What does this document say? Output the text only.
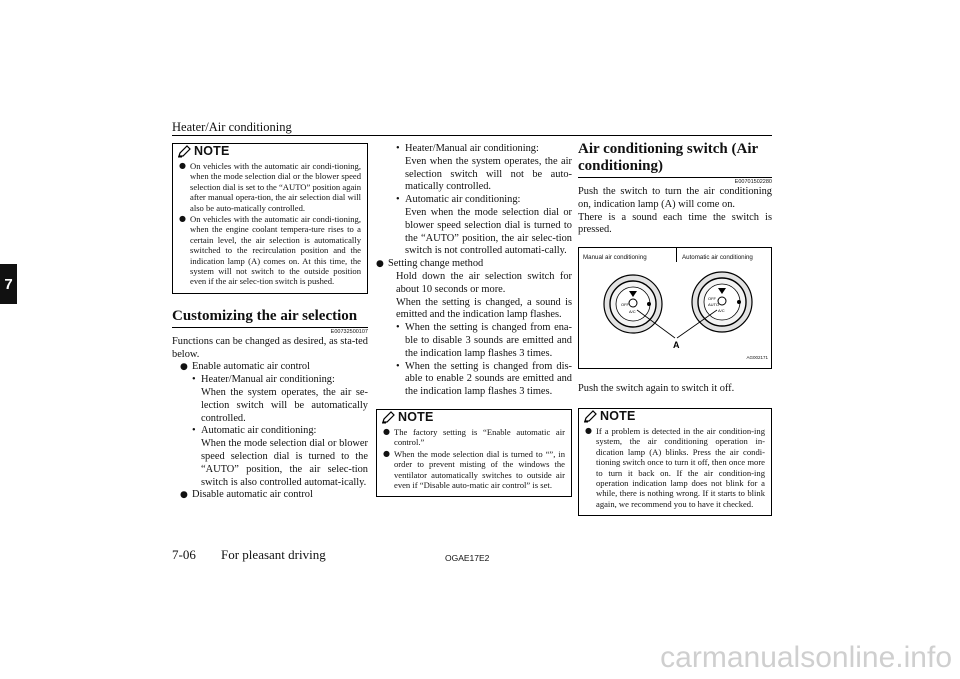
Heater/Air conditioning
7
NOTE
● On vehicles with the automatic air condi-tioning, when the mode selection dial or the blower speed selection dial is set to the “AUTO” position again after manual opera-tion, the air selection dial will also be auto-matically controlled.
● On vehicles with the automatic air condi-tioning, when the engine coolant tempera-ture rises to a certain level, the air selection is automatically switched to the recirculation position and the indication lamp (A) comes on. At this time, the system will not switch to the outside position even if the air selec-tion switch is pushed.
Customizing the air selection
E00732500107

Functions can be changed as desired, as sta-ted below.

● Enable automatic air control
• Heater/Manual air conditioning:

When the system operates, the air se-lection switch will be automatically controlled.

• Automatic air conditioning:

When the mode selection dial or blower speed selection dial is turned to the “AUTO” position, the air selec-tion switch is also controlled automat-ically.

● Disable automatic air control
• Heater/Manual air conditioning:

Even when the system operates, the air selection switch will not be auto-matically controlled.

• Automatic air conditioning:

Even when the mode selection dial or blower speed selection dial is turned to the “AUTO” position, the air selec-tion switch is not controlled automati-cally.

● Setting change method

Hold down the air selection switch for about 10 seconds or more.

When the setting is changed, a sound is emitted and the indication lamp flashes.

• When the setting is changed from ena-ble to disable 3 sounds are emitted and the indication lamp flashes 3 times.
• When the setting is changed from dis-able to enable 2 sounds are emitted and the indication lamp flashes 3 times.
NOTE
● The factory setting is “Enable automatic air control.”
● When the mode selection dial is turned to “”, in order to prevent misting of the windows the ventilator automatically switches to outside air even if “Disable auto-matic air control” is set.
Air conditioning switch (Air conditioning)
E00701502280

Push the switch to turn the air conditioning on, indication lamp (A) will come on.

There is a sound each time the switch is pressed.

Manual air conditioning	Automatic air conditioning
OFF
A/C
OFF
AUTO
A/C
A
AG002171

Push the switch again to switch it off.

NOTE
● If a problem is detected in the air condition-ing system, the air conditioning operation in-dication lamp (A) blinks. Press the air condi-tioning switch once to turn it off, then once more to turn it back on. If the air condition-ing operation indication lamp does not blink for a while, there is nothing wrong. If it starts to blink again, we recommend you to have it checked.
7-06 For pleasant driving	OGAE17E2
carmanualsonline.info
